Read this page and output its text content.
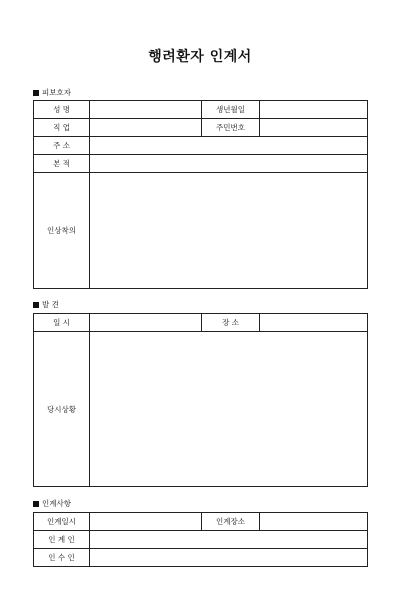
행려환자 인계서
피보호자
성 명		생년월일	
직 업		주민번호	
주 소			
본 적			
인상착의			
발 견
일 시		장 소	
당시상황			
인계사항
인계일시		인계장소	
인 계 인			
인 수 인			
